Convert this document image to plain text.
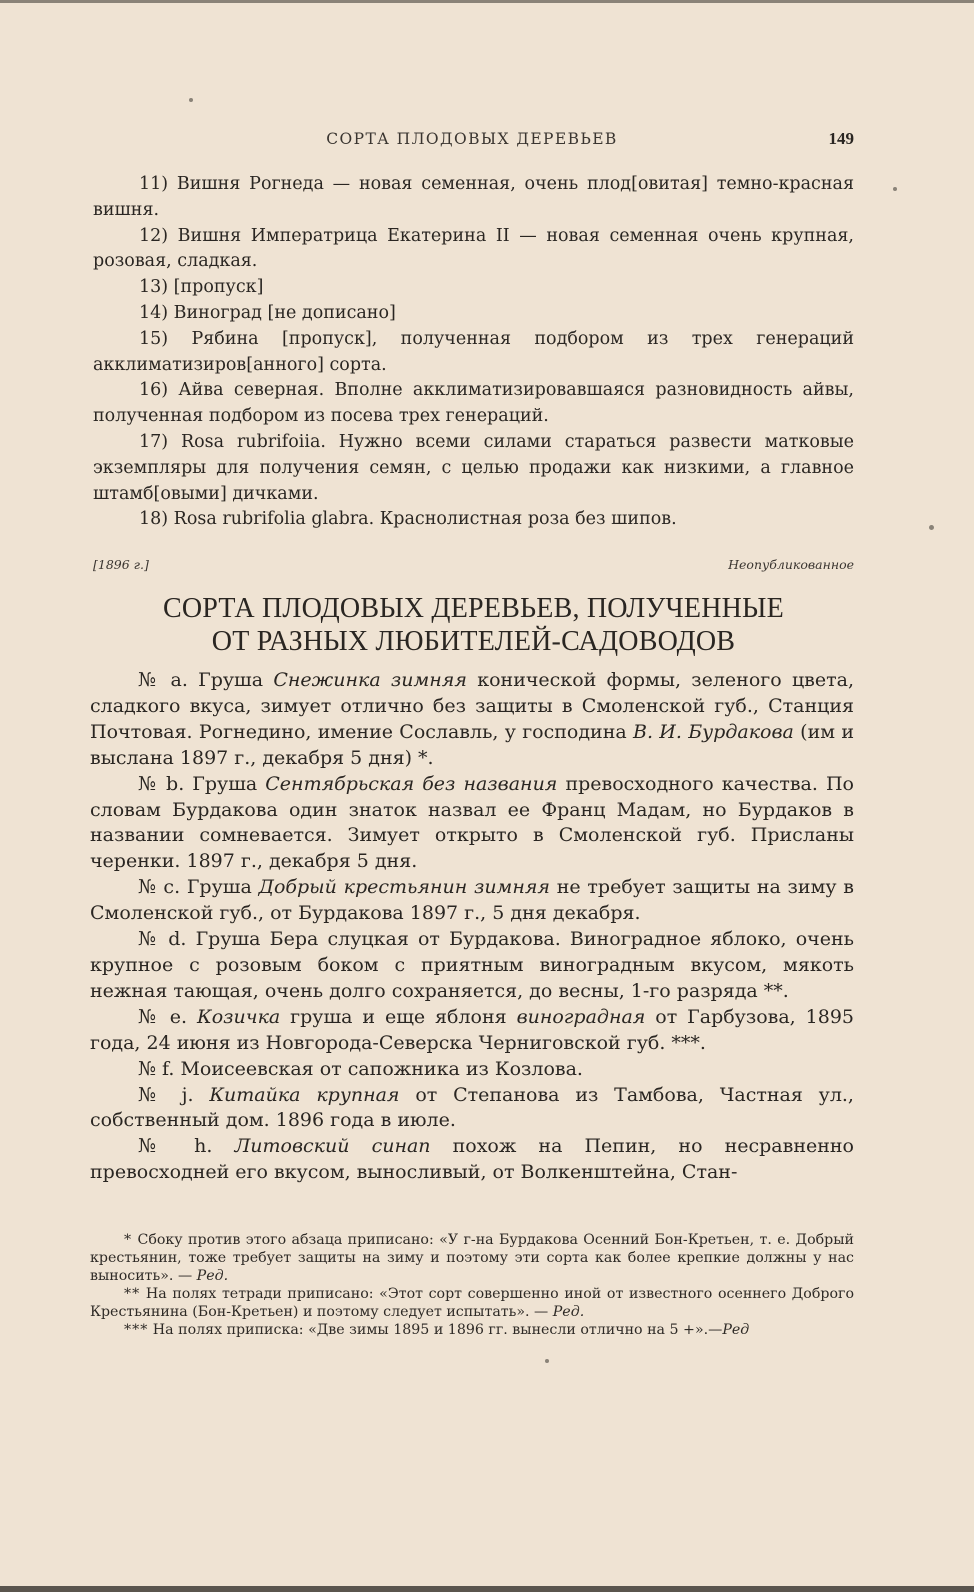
СОРТА ПЛОДОВЫХ ДЕРЕВЬЕВ	149

11) Вишня Рогнеда — новая семенная, очень плод[овитая] темно-красная вишня.

12) Вишня Императрица Екатерина II — новая семенная очень крупная, розовая, сладкая.

13) [пропуск]

14) Виноград [не дописано]

15) Рябина [пропуск], полученная подбором из трех генераций акклиматизиров[анного] сорта.

16) Айва северная. Вполне акклиматизировавшаяся разновидность айвы, полученная подбором из посева трех генераций.

17) Rosa rubrifoiia. Нужно всеми силами стараться развести матковые экземпляры для получения семян, с целью продажи как низкими, а главное штамб[овыми] дичками.

18) Rosa rubrifolia glabra. Краснолистная роза без шипов.

[1896 г.]	Неопубликованное
СОРТА ПЛОДОВЫХ ДЕРЕВЬЕВ, ПОЛУЧЕННЫЕ
ОТ РАЗНЫХ ЛЮБИТЕЛЕЙ-САДОВОДОВ

№ а. Груша Снежинка зимняя конической формы, зеленого цвета, сладкого вкуса, зимует отлично без защиты в Смоленской губ., Станция Почтовая. Рогнедино, имение Сославль, у господина В. И. Бурдакова (им и выслана 1897 г., декабря 5 дня) *.

№ b. Груша Сентябрьская без названия превосходного качества. По словам Бурдакова один знаток назвал ее Франц Мадам, но Бурдаков в названии сомневается. Зимует открыто в Смоленской губ. Присланы черенки. 1897 г., декабря 5 дня.

№ с. Груша Добрый крестьянин зимняя не требует защиты на зиму в Смоленской губ., от Бурдакова 1897 г., 5 дня декабря.

№ d. Груша Бера слуцкая от Бурдакова. Виноградное яблоко, очень крупное с розовым боком с приятным виноградным вкусом, мякоть нежная тающая, очень долго сохраняется, до весны, 1-го разряда **.

№ е. Козичка груша и еще яблоня виноградная от Гарбузова, 1895 года, 24 июня из Новгорода-Северска Черниговской губ. ***.

№ f. Моисеевская от сапожника из Козлова.

№ j. Китайка крупная от Степанова из Тамбова, Частная ул., собственный дом. 1896 года в июле.

№ h. Литовский синап похож на Пепин, но несравненно превосходней его вкусом, выносливый, от Волкенштейна, Стан-

* Сбоку против этого абзаца приписано: «У г-на Бурдакова Осенний Бон-Кретьен, т. е. Добрый крестьянин, тоже требует защиты на зиму и поэтому эти сорта как более крепкие должны у нас выносить». — Ред.

** На полях тетради приписано: «Этот сорт совершенно иной от известного осеннего Доброго Крестьянина (Бон-Кретьен) и поэтому следует испытать». — Ред.

*** На полях приписка: «Две зимы 1895 и 1896 гг. вынесли отлично на 5 +».—Ред
